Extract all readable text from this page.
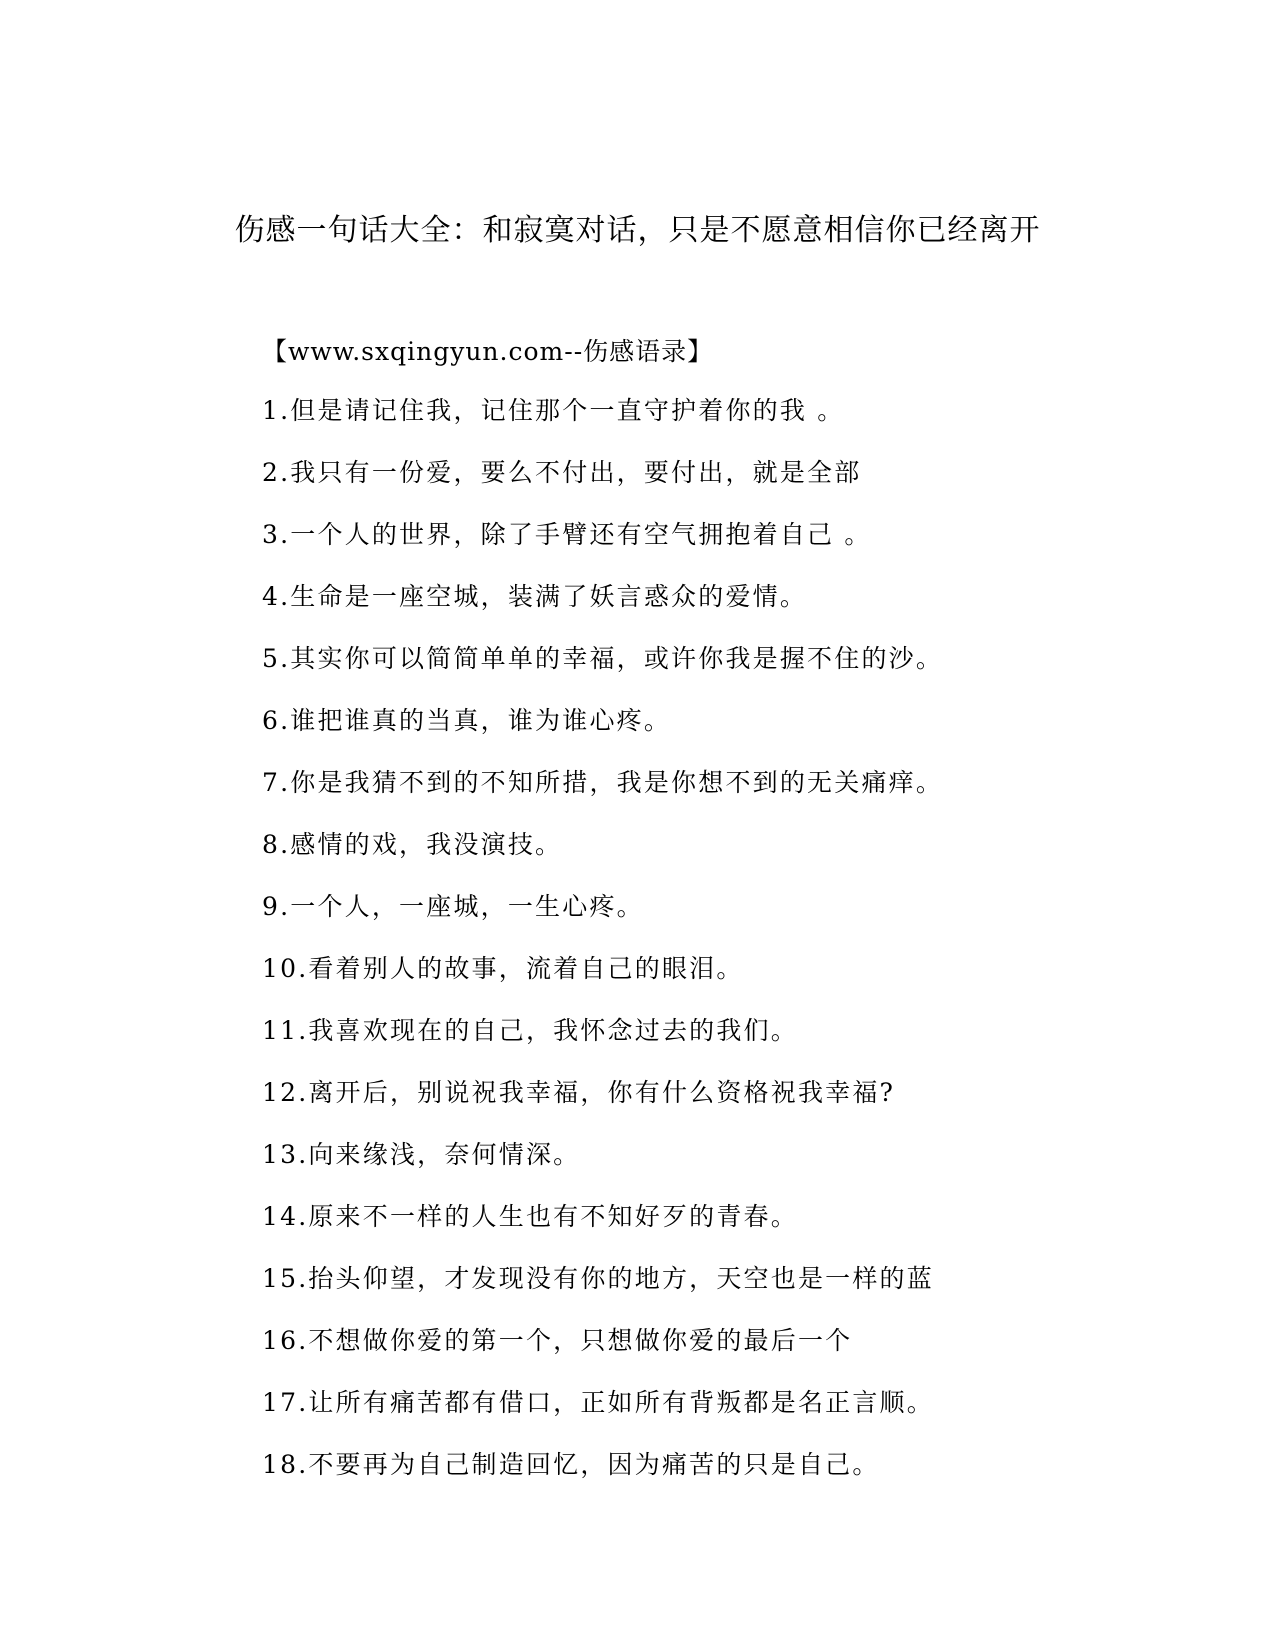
伤感一句话大全：和寂寞对话，只是不愿意相信你已经离开
【www.sxqingyun.com--伤感语录】
1.但是请记住我，记住那个一直守护着你的我 。
2.我只有一份爱，要么不付出，要付出，就是全部
3.一个人的世界，除了手臂还有空气拥抱着自己 。
4.生命是一座空城，装满了妖言惑众的爱情。
5.其实你可以简简单单的幸福，或许你我是握不住的沙。
6.谁把谁真的当真，谁为谁心疼。
7.你是我猜不到的不知所措，我是你想不到的无关痛痒。
8.感情的戏，我没演技。
9.一个人，一座城，一生心疼。
10.看着别人的故事，流着自己的眼泪。
11.我喜欢现在的自己，我怀念过去的我们。
12.离开后，别说祝我幸福，你有什么资格祝我幸福?
13.向来缘浅，奈何情深。
14.原来不一样的人生也有不知好歹的青春。
15.抬头仰望，才发现没有你的地方，天空也是一样的蓝
16.不想做你爱的第一个，只想做你爱的最后一个
17.让所有痛苦都有借口，正如所有背叛都是名正言顺。
18.不要再为自己制造回忆，因为痛苦的只是自己。
